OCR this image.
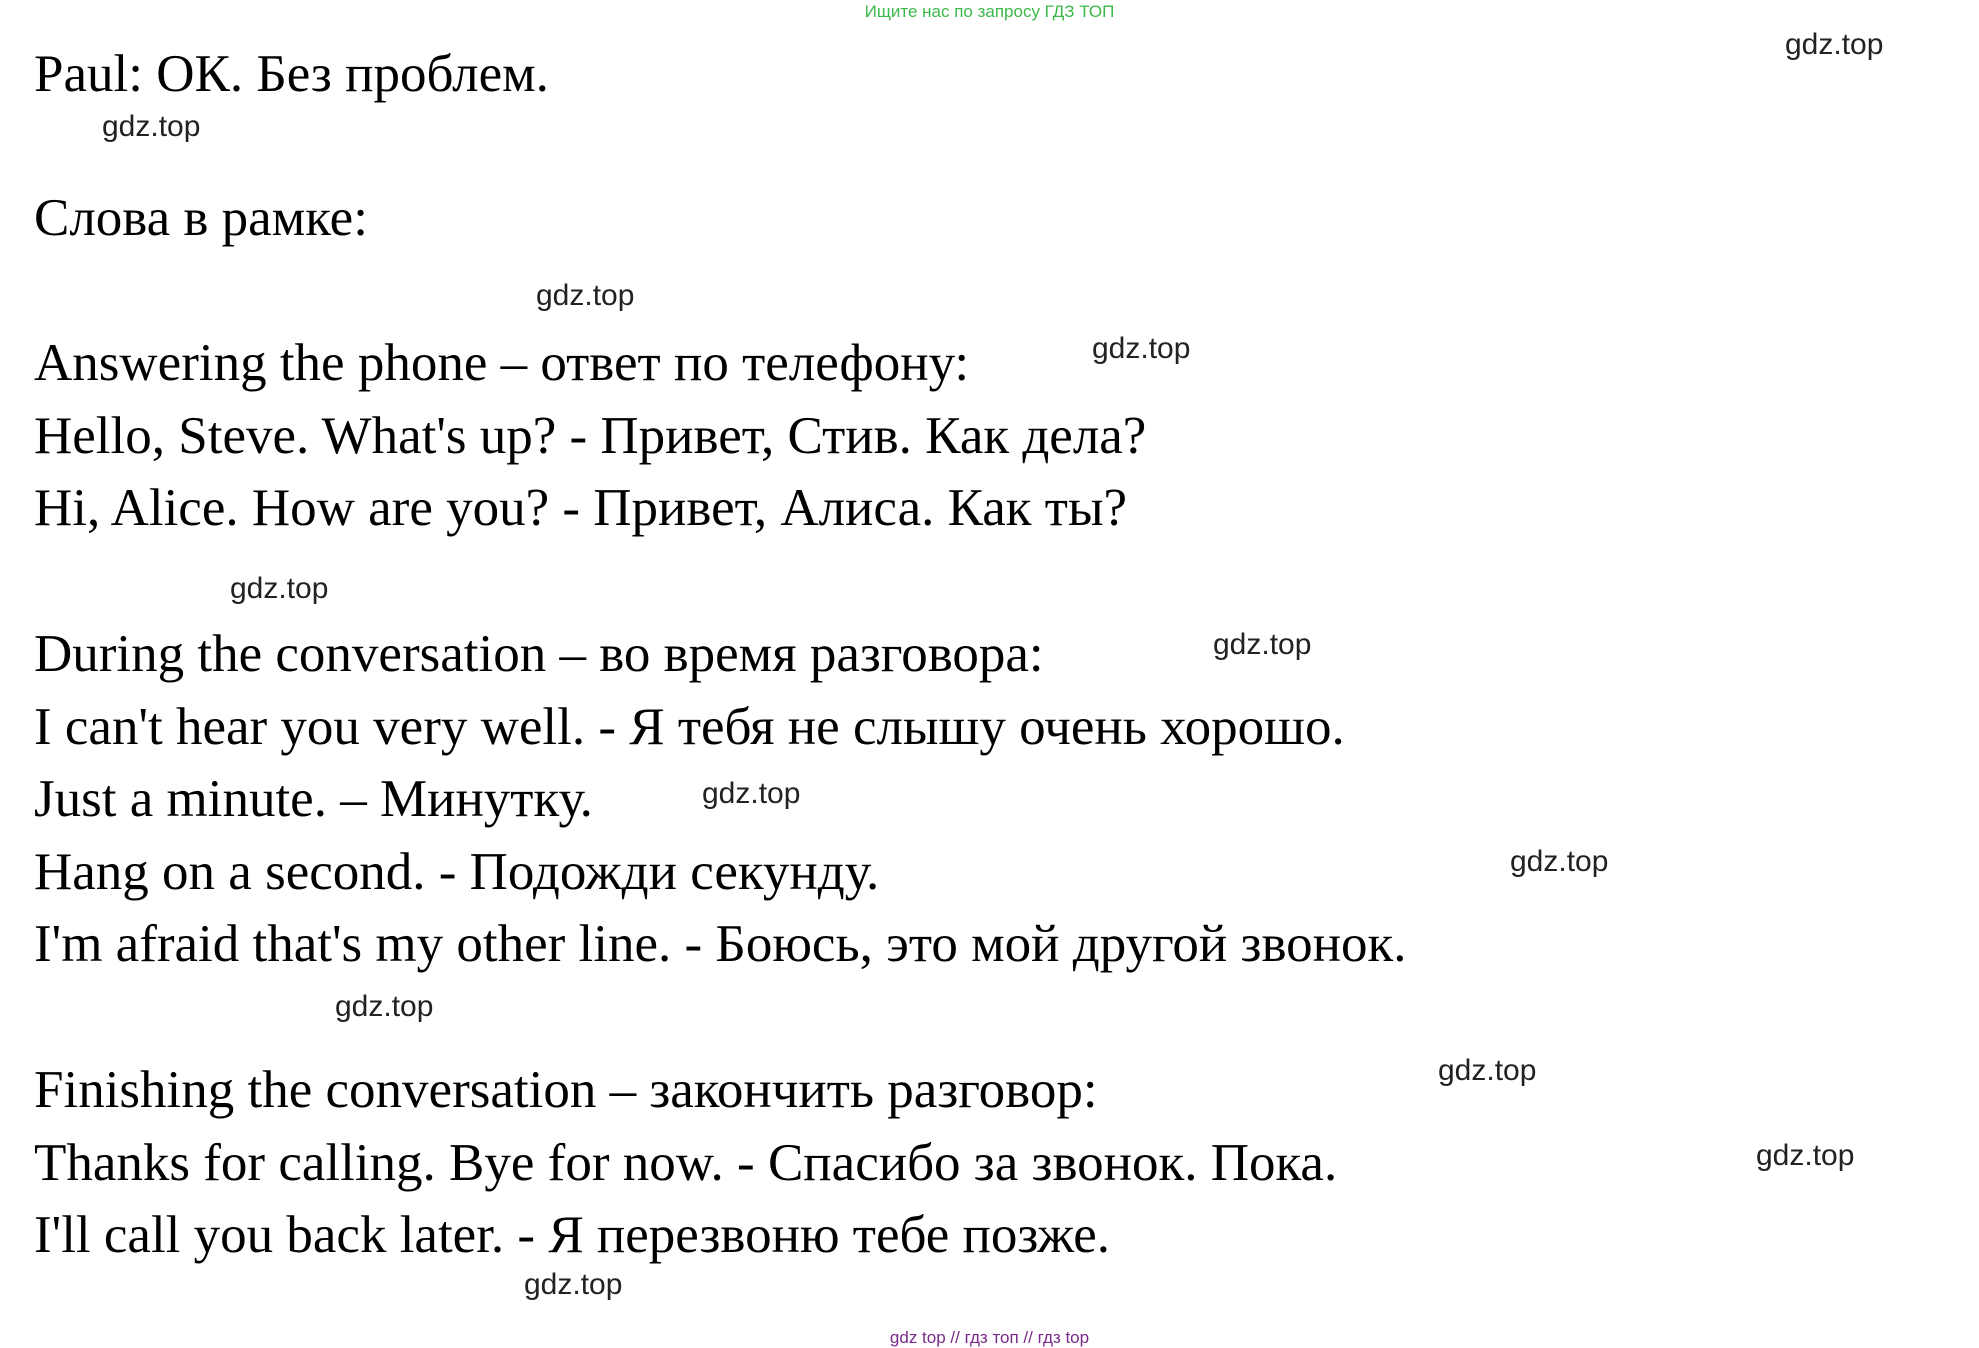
Ищите нас по запросу ГДЗ ТОП

Paul: ОК. Без проблем.

Слова в рамке:

Answering the phone – ответ по телефону:

Hello, Steve. What's up? - Привет, Стив. Как дела?

Hi, Alice. How are you? - Привет, Алиса. Как ты?

During the conversation – во время разговора:

I can't hear you very well. - Я тебя не слышу очень хорошо.

Just a minute. – Минутку.

Hang on a second. - Подожди секунду.

I'm afraid that's my other line. - Боюсь, это мой другой звонок.

Finishing the conversation – закончить разговор:

Thanks for calling. Bye for now. - Спасибо за звонок. Пока.

I'll call you back later. - Я перезвоню тебе позже.

gdz.top
gdz.top
gdz.top
gdz.top
gdz.top
gdz.top
gdz.top
gdz.top
gdz.top
gdz.top
gdz.top
gdz.top

gdz top // гдз топ // гдз top
